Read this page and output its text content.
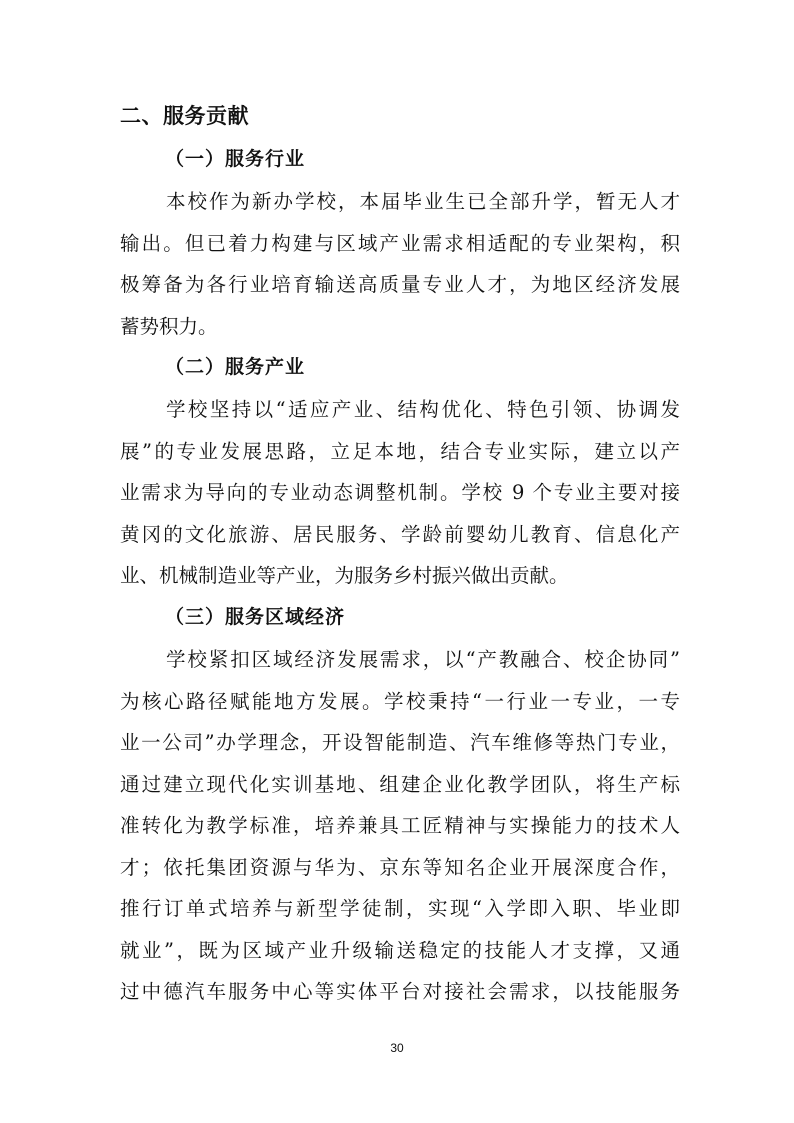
二、服务贡献
（一）服务行业
本校作为新办学校，本届毕业生已全部升学，暂无人才
输出。但已着力构建与区域产业需求相适配的专业架构，积
极筹备为各行业培育输送高质量专业人才，为地区经济发展
蓄势积力。
（二）服务产业
学校坚持以“适应产业、结构优化、特色引领、协调发
展”的专业发展思路，立足本地，结合专业实际，建立以产
业需求为导向的专业动态调整机制。学校 9 个专业主要对接
黄冈的文化旅游、居民服务、学龄前婴幼儿教育、信息化产
业、机械制造业等产业，为服务乡村振兴做出贡献。
（三）服务区域经济
学校紧扣区域经济发展需求，以“产教融合、校企协同”
为核心路径赋能地方发展。学校秉持“一行业一专业，一专
业一公司”办学理念，开设智能制造、汽车维修等热门专业，
通过建立现代化实训基地、组建企业化教学团队，将生产标
准转化为教学标准，培养兼具工匠精神与实操能力的技术人
才；依托集团资源与华为、京东等知名企业开展深度合作，
推行订单式培养与新型学徒制，实现“入学即入职、毕业即
就业”，既为区域产业升级输送稳定的技能人才支撑，又通
过中德汽车服务中心等实体平台对接社会需求，以技能服务
30
